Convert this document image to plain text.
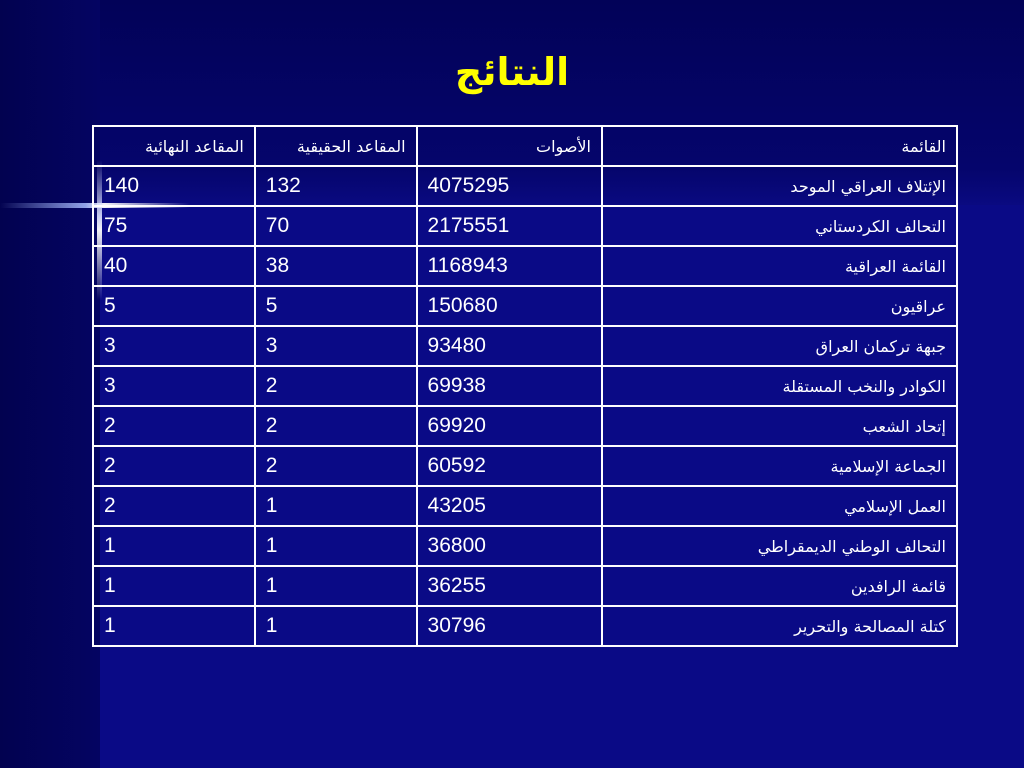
النتائج
القائمة	الأصوات	المقاعد الحقيقية	المقاعد النهائية
الإئتلاف العراقي الموحد	4075295	132	140
التحالف الكردستاني	2175551	70	75
القائمة العراقية	1168943	38	40
عراقيون	150680	5	5
جبهة تركمان العراق	93480	3	3
الكوادر والنخب المستقلة	69938	2	3
إتحاد الشعب	69920	2	2
الجماعة الإسلامية	60592	2	2
العمل الإسلامي	43205	1	2
التحالف الوطني الديمقراطي	36800	1	1
قائمة الرافدين	36255	1	1
كتلة المصالحة والتحرير	30796	1	1
